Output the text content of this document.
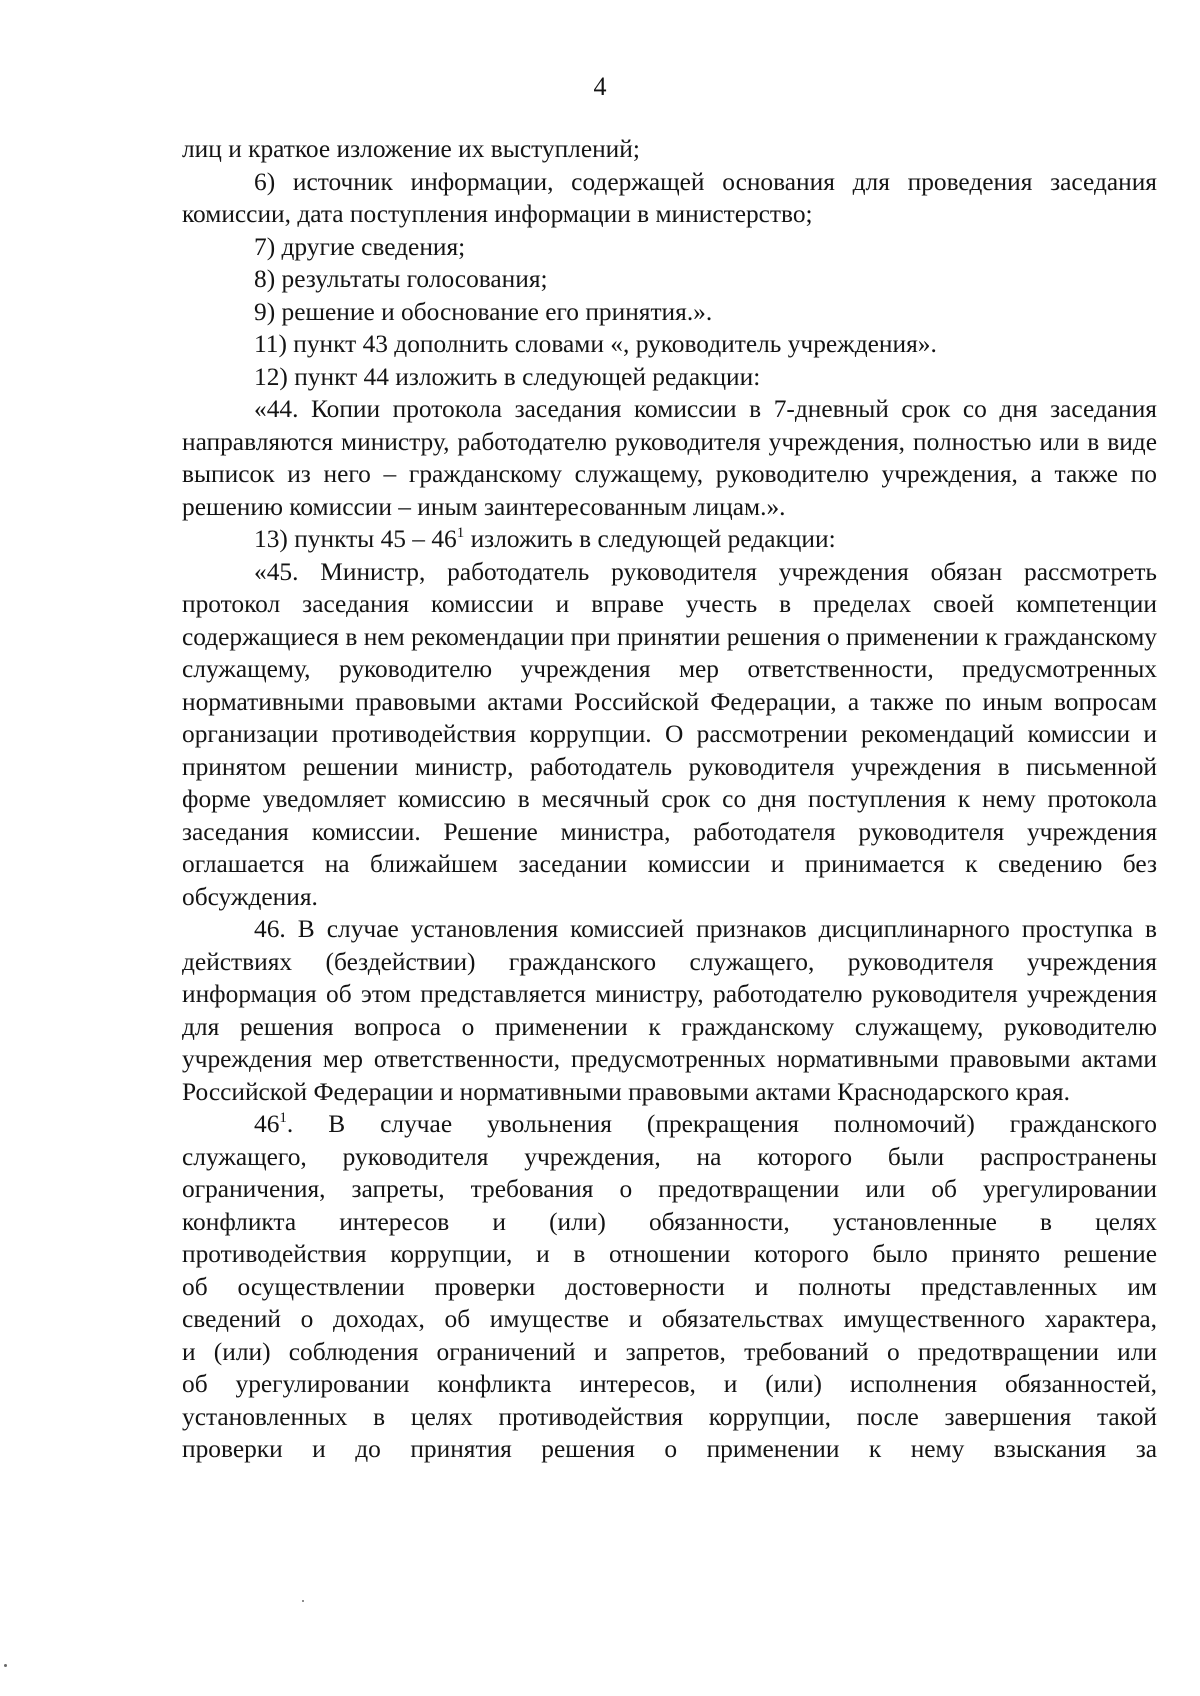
4

лиц и краткое изложение их выступлений;

6) источник информации, содержащей основания для проведения заседания комиссии, дата поступления информации в министерство;

7) другие сведения;

8) результаты голосования;

9) решение и обоснование его принятия.».

11) пункт 43 дополнить словами «, руководитель учреждения».

12) пункт 44 изложить в следующей редакции:

«44. Копии протокола заседания комиссии в 7-дневный срок со дня заседания направляются министру, работодателю руководителя учреждения, полностью или в виде выписок из него – гражданскому служащему, руководителю учреждения, а также по решению комиссии – иным заинтересованным лицам.».

13) пункты $45 - 46^1$ изложить в следующей редакции:

«45. Министр, работодатель руководителя учреждения обязан рассмотреть протокол заседания комиссии и вправе учесть в пределах своей компетенции содержащиеся в нем рекомендации при принятии решения о применении к гражданскому служащему, руководителю учреждения мер ответственности, предусмотренных нормативными правовыми актами Российской Федерации, а также по иным вопросам организации противодействия коррупции. О рассмотрении рекомендаций комиссии и принятом решении министр, работодатель руководителя учреждения в письменной форме уведомляет комиссию в месячный срок со дня поступления к нему протокола заседания комиссии. Решение министра, работодателя руководителя учреждения оглашается на ближайшем заседании комиссии и принимается к сведению без обсуждения.

46. В случае установления комиссией признаков дисциплинарного проступка в действиях (бездействии) гражданского служащего, руководителя учреждения информация об этом представляется министру, работодателю руководителя учреждения для решения вопроса о применении к гражданскому служащему, руководителю учреждения мер ответственности, предусмотренных нормативными правовыми актами Российской Федерации и нормативными правовыми актами Краснодарского края.

$46^1$. В случае увольнения (прекращения полномочий) гражданского
служащего, руководителя учреждения, на которого были распространены
ограничения, запреты, требования о предотвращении или об урегулировании
конфликта интересов и (или) обязанности, установленные в целях
противодействия коррупции, и в отношении которого было принято решение
об осуществлении проверки достоверности и полноты представленных им
сведений о доходах, об имуществе и обязательствах имущественного характера,
и (или) соблюдения ограничений и запретов, требований о предотвращении или
об урегулировании конфликта интересов, и (или) исполнения обязанностей,
установленных в целях противодействия коррупции, после завершения такой
проверки и до принятия решения о применении к нему взыскания за
